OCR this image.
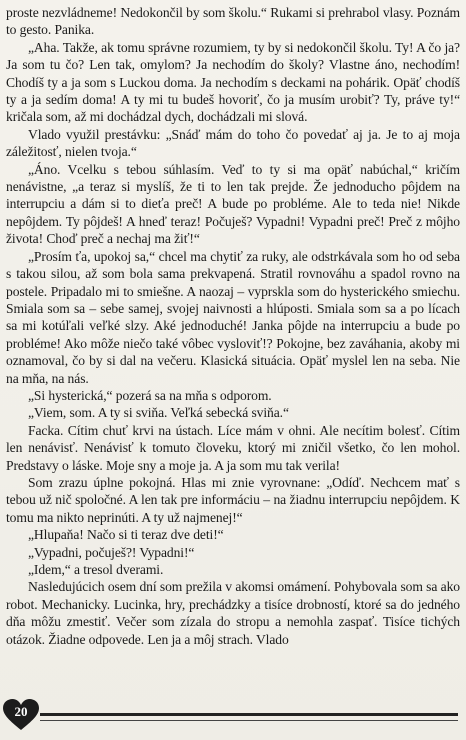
proste nezvládneme! Nedokončil by som školu.“ Rukami si prehrabol vlasy. Poznám to gesto. Panika.

„Aha. Takže, ak tomu správne rozumiem, ty by si nedokončil školu. Ty! A čo ja? Ja som tu čo? Len tak, omylom? Ja nechodím do školy? Vlastne áno, nechodím! Chodíš ty a ja som s Luckou doma. Ja nechodím s deckami na pohárik. Opäť chodíš ty a ja sedím doma! A ty mi tu budeš hovoriť, čo ja musím urobiť? Ty, práve ty!“ kričala som, až mi dochádzal dych, dochádzali mi slová.

Vlado využil prestávku: „Snáď mám do toho čo povedať aj ja. Je to aj moja záležitosť, nielen tvoja.“

„Áno. Vcelku s tebou súhlasím. Veď to ty si ma opäť nabúchal,“ kričím nenávistne, „a teraz si myslíš, že ti to len tak prejde. Že jednoducho pôjdem na interrupciu a dám si to dieťa preč! A bude po probléme. Ale to teda nie! Nikde nepôjdem. Ty pôjdeš! A hneď teraz! Počuješ? Vypadni! Vypadni preč! Preč z môjho života! Choď preč a nechaj ma žiť!“

„Prosím ťa, upokoj sa,“ chcel ma chytiť za ruky, ale odstrkávala som ho od seba s takou silou, až som bola sama prekvapená. Stratil rovnováhu a spadol rovno na postele. Pripadalo mi to smiešne. A naozaj – vyprskla som do hysterického smiechu. Smiala som sa – sebe samej, svojej naivnosti a hlúposti. Smiala som sa a po lícach sa mi kotúľali veľké slzy. Aké jednoduché! Janka pôjde na interrupciu a bude po probléme! Ako môže niečo také vôbec vysloviť!? Pokojne, bez zaváhania, akoby mi oznamoval, čo by si dal na večeru. Klasická situácia. Opäť myslel len na seba. Nie na mňa, na nás.

„Si hysterická,“ pozerá sa na mňa s odporom.

„Viem, som. A ty si sviňa. Veľká sebecká sviňa.“

Facka. Cítim chuť krvi na ústach. Líce mám v ohni. Ale necítim bolesť. Cítim len nenávisť. Nenávisť k tomuto človeku, ktorý mi zničil všetko, čo len mohol. Predstavy o láske. Moje sny a moje ja. A ja som mu tak verila!

Som zrazu úplne pokojná. Hlas mi znie vyrovnane: „Odíď. Nechcem mať s tebou už nič spoločné. A len tak pre informáciu – na žiadnu interrupciu nepôjdem. K tomu ma nikto neprinúti. A ty už najmenej!“

„Hlupaňa! Načo si ti teraz dve deti!“

„Vypadni, počuješ?! Vypadni!“

„Idem,“ a tresol dverami.

Nasledujúcich osem dní som prežila v akomsi omámení. Pohybovala som sa ako robot. Mechanicky. Lucinka, hry, prechádzky a tisíce drobností, ktoré sa do jedného dňa môžu zmestiť. Večer som zízala do stropu a nemohla zaspať. Tisíce tichých otázok. Žiadne odpovede. Len ja a môj strach. Vlado

20
